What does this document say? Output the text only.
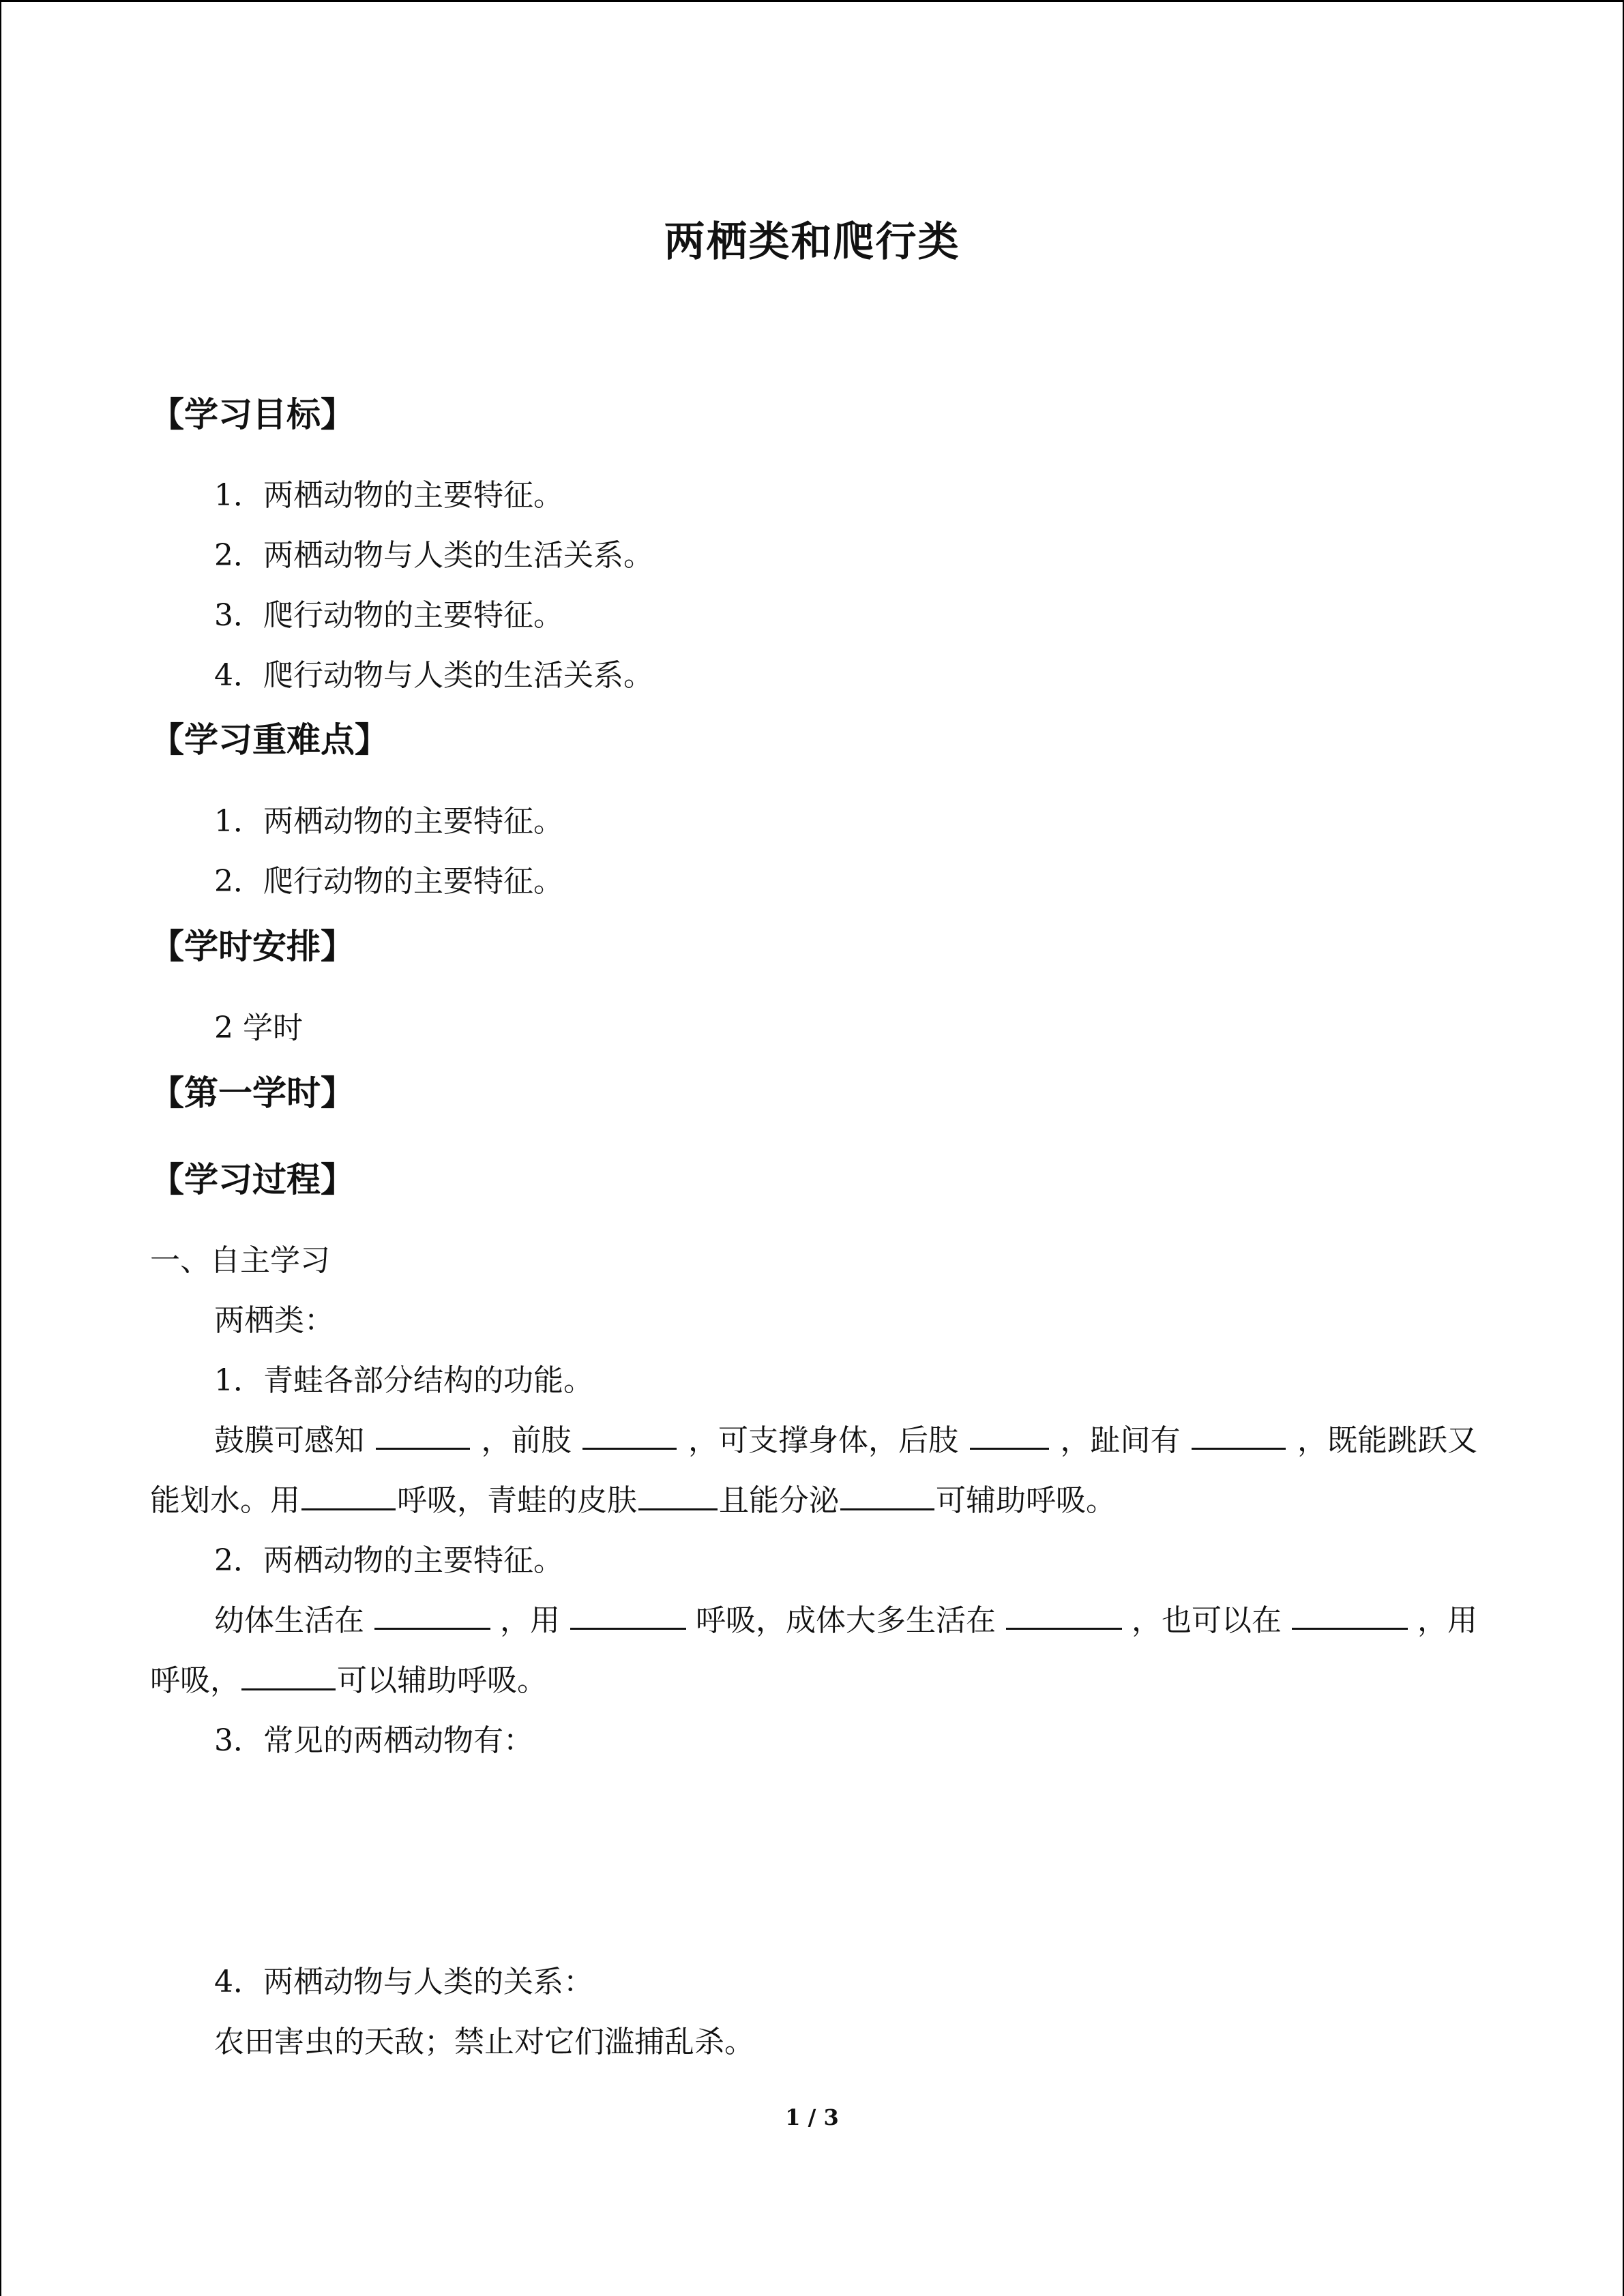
两栖类和爬行类
【学习目标】
1．两栖动物的主要特征。
2．两栖动物与人类的生活关系。
3．爬行动物的主要特征。
4．爬行动物与人类的生活关系。
【学习重难点】
1．两栖动物的主要特征。
2．爬行动物的主要特征。
【学时安排】
2 学时
【第一学时】
【学习过程】
一、自主学习
两栖类：
1．青蛙各部分结构的功能。
鼓膜可感知	，前肢	，可支撑身体，后肢	，趾间有	，既能跳跃又
能划水。用	呼吸，青蛙的皮肤	且能分泌	可辅助呼吸。
2．两栖动物的主要特征。
幼体生活在	，用	呼吸，成体大多生活在	，也可以在	，用
呼吸，	可以辅助呼吸。
3．常见的两栖动物有：
4．两栖动物与人类的关系：
农田害虫的天敌；禁止对它们滥捕乱杀。
1 / 3
